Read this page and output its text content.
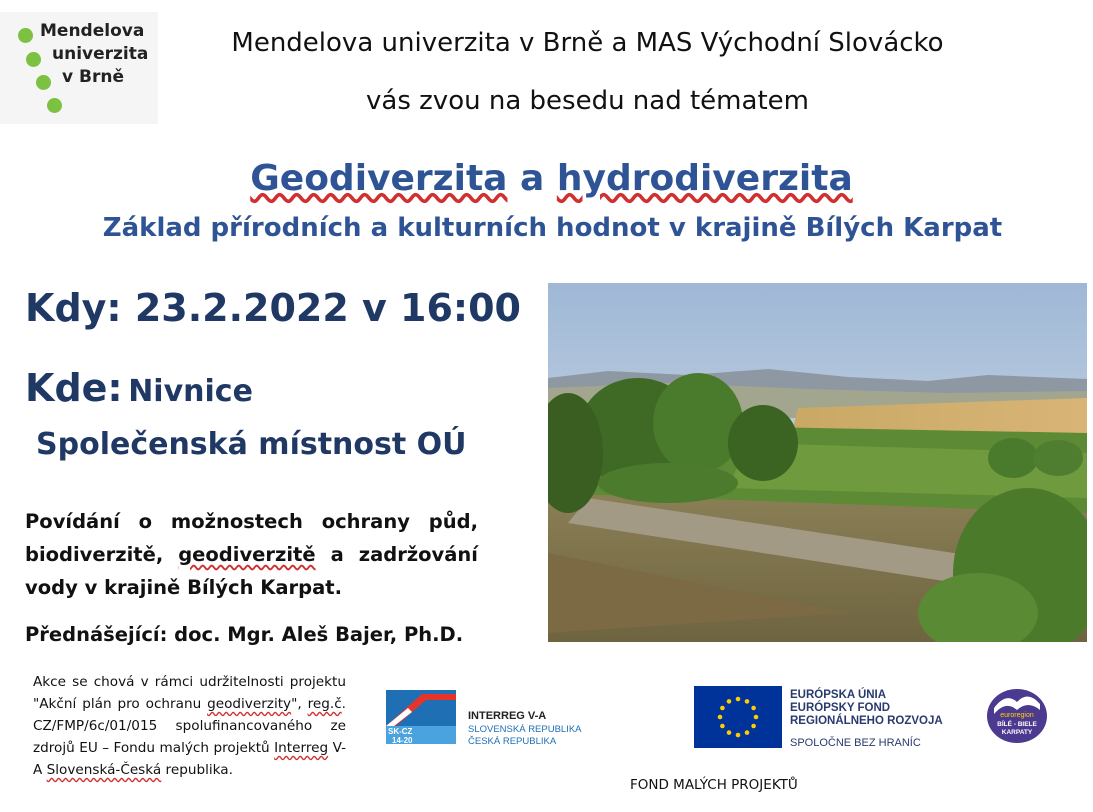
Mendelova
univerzita
v Brně
Mendelova univerzita v Brně a MAS Východní Slovácko
vás zvou na besedu nad tématem
Geodiverzita a hydrodiverzita
Základ přírodních a kulturních hodnot v krajině Bílých Karpat
Kdy: 23.2.2022 v 16:00
Kde: Nivnice
Společenská místnost OÚ
Povídání o možnostech ochrany půd, biodiverzitě, geodiverzitě a zadržování vody v krajině Bílých Karpat.
Přednášející: doc. Mgr. Aleš Bajer, Ph.D.
Akce se chová v rámci udržitelnosti projektu "Akční plán pro ochranu geodiverzity", reg.č. CZ/FMP/6c/01/015 spolufinancovaného ze zdrojů EU – Fondu malých projektů Interreg V-A Slovenská-Česká republika.
SK-CZ
14-20
INTERREG V-A
SLOVENSKÁ REPUBLIKA
ČESKÁ REPUBLIKA
EURÓPSKA ÚNIA
EURÓPSKY FOND
REGIONÁLNEHO ROZVOJA
SPOLOČNE BEZ HRANÍC
euroregion
BÍLÉ - BIELE
KARPATY
FOND MALÝCH PROJEKTŮ
